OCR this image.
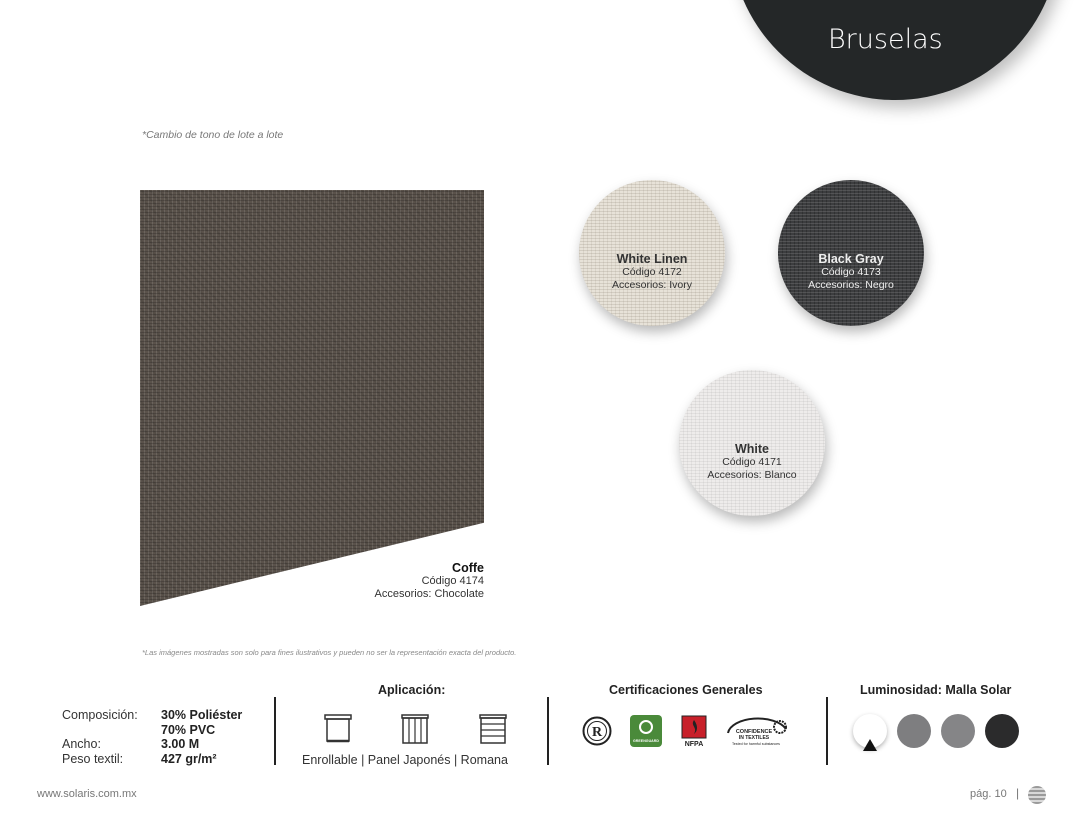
Bruselas
*Cambio de tono de lote a lote
Coffe
Código 4174
Accesorios: Chocolate
White Linen
Código 4172
Accesorios: Ivory
Black Gray
Código 4173
Accesorios: Negro
White
Código 4171
Accesorios: Blanco
*Las imágenes mostradas son solo para fines ilustrativos y pueden no ser la representación exacta del producto.
Composición:	30% Poliéster
70% PVC
Ancho:	3.00 M
Peso textil:	427 gr/m²
Aplicación:
Enrollable | Panel Japonés | Romana
Certificaciones Generales
R
GREENGUARD	NFPA
CONFIDENCE
IN TEXTILES
Tested for harmful substances
Luminosidad: Malla Solar
www.solaris.com.mx	pág. 10 |
